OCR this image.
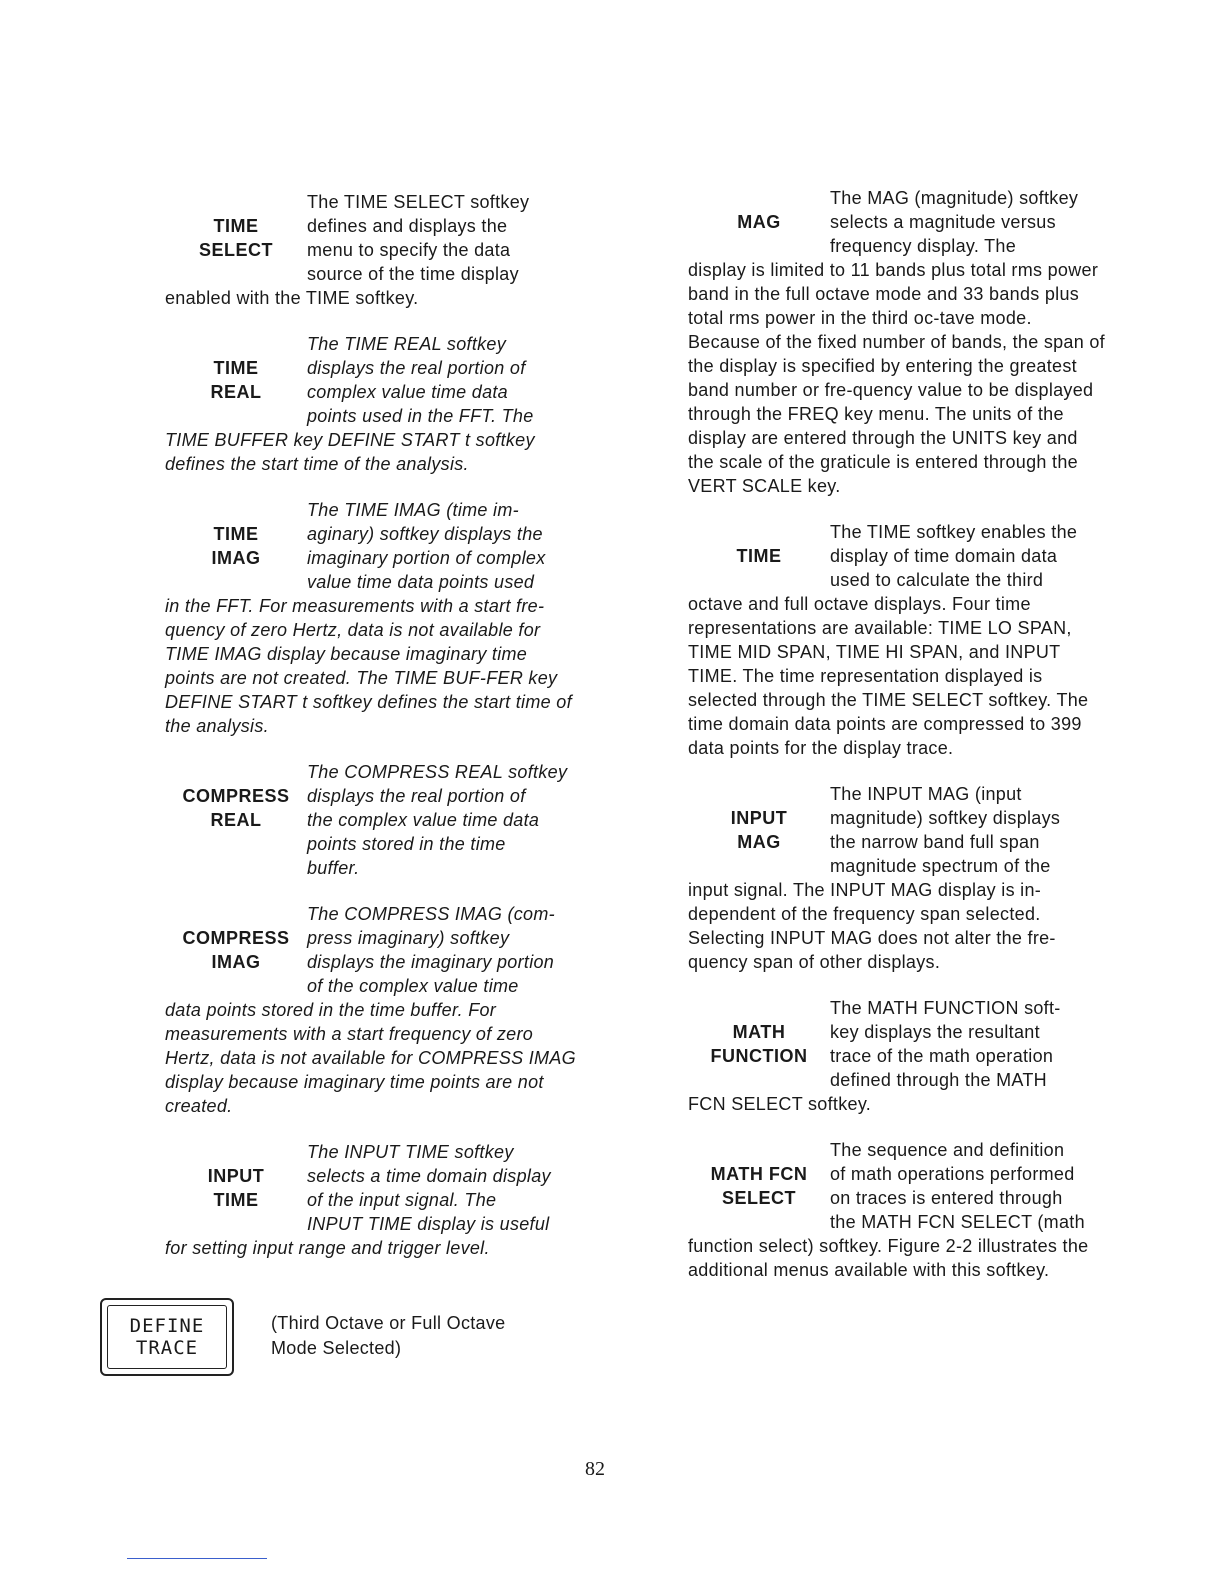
TIME
SELECT
The TIME SELECT softkey
defines and displays the
menu to specify the data
source of the time display

enabled with the TIME softkey.

TIME
REAL
The TIME REAL softkey
displays the real portion of
complex value time data
points used in the FFT. The

TIME BUFFER key DEFINE START t softkey defines the start time of the analysis.

TIME
IMAG
The TIME IMAG (time im-
aginary) softkey displays the
imaginary portion of complex
value time data points used

in the FFT. For measurements with a start fre-quency of zero Hertz, data is not available for TIME IMAG display because imaginary time points are not created. The TIME BUF-FER key DEFINE START t softkey defines the start time of the analysis.

COMPRESS
REAL
The COMPRESS REAL softkey
displays the real portion of
the complex value time data
points stored in the time
buffer.
COMPRESS
IMAG
The COMPRESS IMAG (com-
press imaginary) softkey
displays the imaginary portion
of the complex value time

data points stored in the time buffer. For measurements with a start frequency of zero Hertz, data is not available for COMPRESS IMAG display because imaginary time points are not created.

INPUT
TIME
The INPUT TIME softkey
selects a time domain display
of the input signal. The
INPUT TIME display is useful

for setting input range and trigger level.

MAG
The MAG (magnitude) softkey
selects a magnitude versus
frequency display. The

display is limited to 11 bands plus total rms power band in the full octave mode and 33 bands plus total rms power in the third oc-tave mode. Because of the fixed number of bands, the span of the display is specified by entering the greatest band number or fre-quency value to be displayed through the FREQ key menu. The units of the display are entered through the UNITS key and the scale of the graticule is entered through the VERT SCALE key.

TIME
The TIME softkey enables the
display of time domain data
used to calculate the third

octave and full octave displays. Four time representations are available: TIME LO SPAN, TIME MID SPAN, TIME HI SPAN, and INPUT TIME. The time representation displayed is selected through the TIME SELECT softkey. The time domain data points are compressed to 399 data points for the display trace.

INPUT
MAG
The INPUT MAG (input
magnitude) softkey displays
the narrow band full span
magnitude spectrum of the

input signal. The INPUT MAG display is in-dependent of the frequency span selected. Selecting INPUT MAG does not alter the fre-quency span of other displays.

MATH
FUNCTION
The MATH FUNCTION soft-
key displays the resultant
trace of the math operation
defined through the MATH

FCN SELECT softkey.

MATH FCN
SELECT
The sequence and definition
of math operations performed
on traces is entered through
the MATH FCN SELECT (math

function select) softkey. Figure 2-2 illustrates the additional menus available with this softkey.

DEFINE
TRACE
(Third Octave or Full Octave
Mode Selected)
82
